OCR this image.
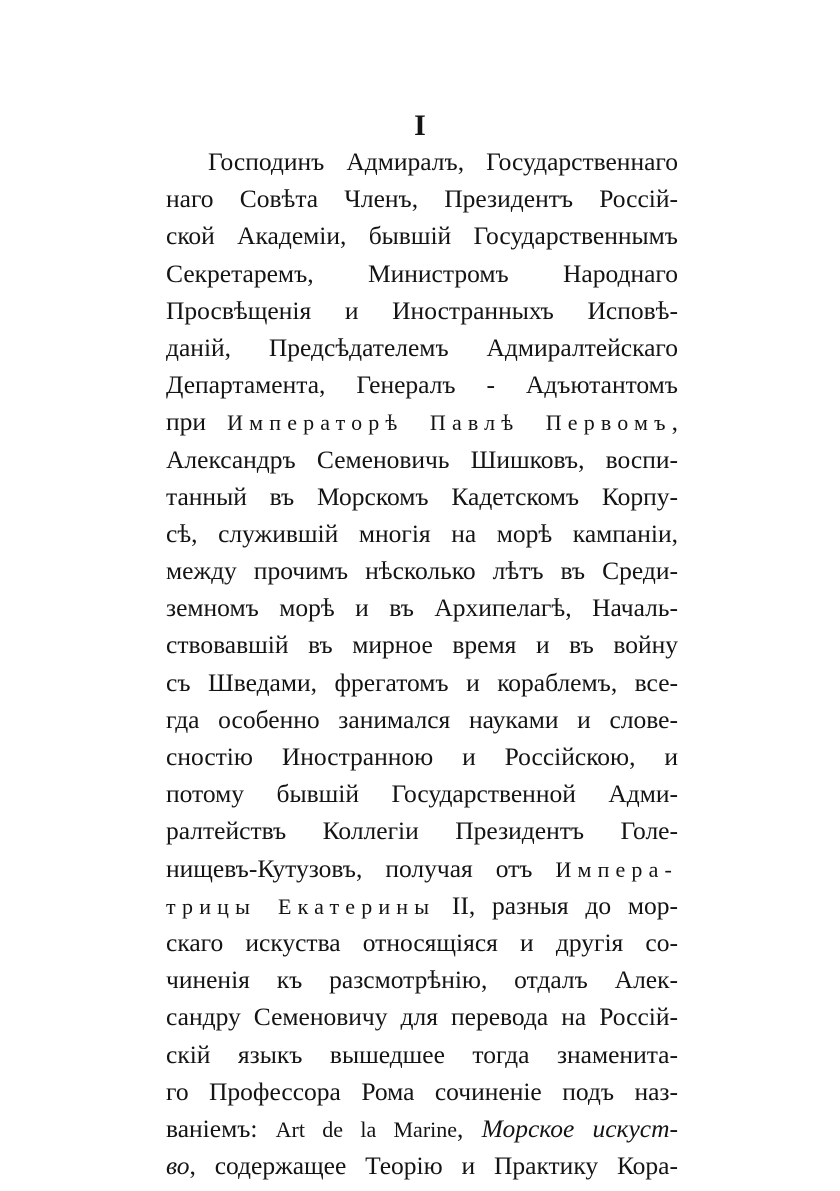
I
Господинъ Адмиралъ, Государственнаго
наго Совѣта Членъ, Президентъ Россій-
ской Академіи, бывшій Государственнымъ
Секретаремъ, Министромъ Народнаго
Просвѣщенія и Иностранныхъ Исповѣ-
даній, Предсѣдателемъ Адмиралтейскаго
Департамента, Генералъ - Адъютантомъ
при Императорѣ Павлѣ Первомъ,
Александръ Семеновичь Шишковъ, воспи-
танный въ Морскомъ Кадетскомъ Корпу-
сѣ, служившій многія на морѣ кампаніи,
между прочимъ нѣсколько лѣтъ въ Среди-
земномъ морѣ и въ Архипелагѣ, Началь-
ствовавшій въ мирное время и въ войну
съ Шведами, фрегатомъ и кораблемъ, все-
гда особенно занимался науками и слове-
сностію Иностранною и Россійскою, и
потому бывшій Государственной Адми-
ралтействъ Коллегіи Президентъ Голе-
нищевъ-Кутузовъ, получая отъ Импера-
трицы Екатерины II, разныя до мор-
скаго искуства относящіяся и другія со-
чиненія къ разсмотрѣнію, отдалъ Алек-
сандру Семеновичу для перевода на Россій-
скій языкъ вышедшее тогда знаменита-
го Профессора Рома сочиненіе подъ наз-
ваніемъ: Art de la Marine, Морское искуст-
во, содержащее Теорію и Практику Кора-
